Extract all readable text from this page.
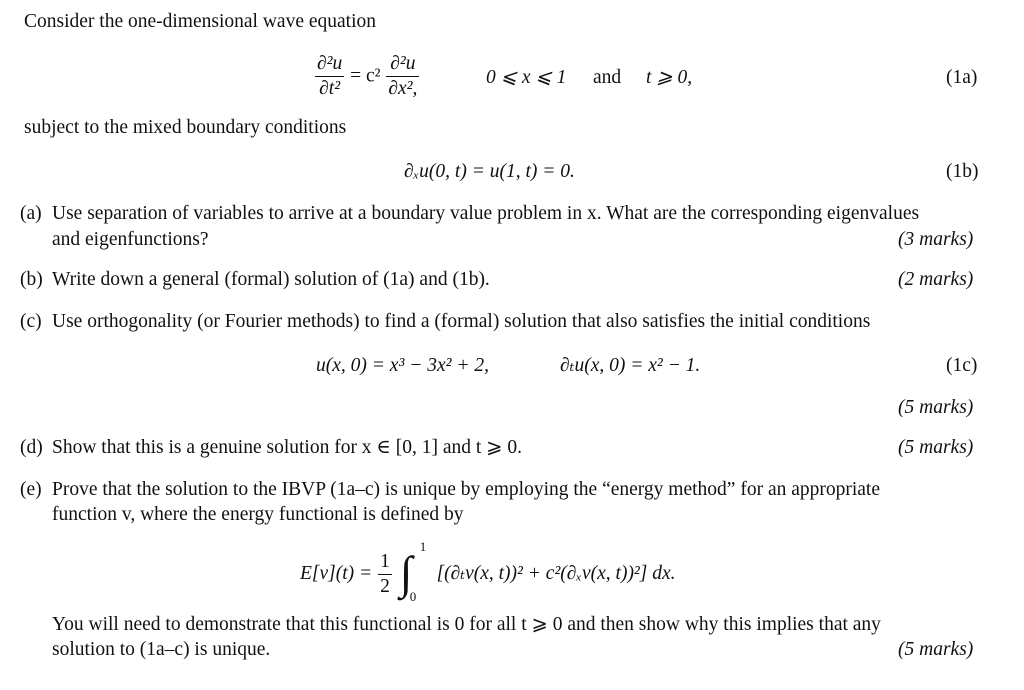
Consider the one-dimensional wave equation
$\frac{\text{∂²u}}{\text{∂t²}} = c^2 \frac{\text{∂²u}}{\text{∂x²,}}$	0 ⩽ x ⩽ 1 and t ⩾ 0,	(1a)
subject to the mixed boundary conditions
∂ₓu(0, t) = u(1, t) = 0.	(1b)
(a) Use separation of variables to arrive at a boundary value problem in x. What are the corresponding eigenvalues
and eigenfunctions?	(3 marks)
(b) Write down a general (formal) solution of (1a) and (1b).	(2 marks)
(c) Use orthogonality (or Fourier methods) to find a (formal) solution that also satisfies the initial conditions
u(x, 0) = x³ − 3x² + 2,	∂ₜu(x, 0) = x² − 1.	(1c)
(5 marks)
(d) Show that this is a genuine solution for x ∈ [0, 1] and t ⩾ 0.	(5 marks)
(e) Prove that the solution to the IBVP (1a–c) is unique by employing the “energy method” for an appropriate
function v, where the energy functional is defined by
$E[v](t) = \frac{1}{2}$
∫
1
0
[(∂ₜv(x, t))² + c²(∂ₓv(x, t))²] dx.
You will need to demonstrate that this functional is 0 for all t ⩾ 0 and then show why this implies that any
solution to (1a–c) is unique.	(5 marks)
